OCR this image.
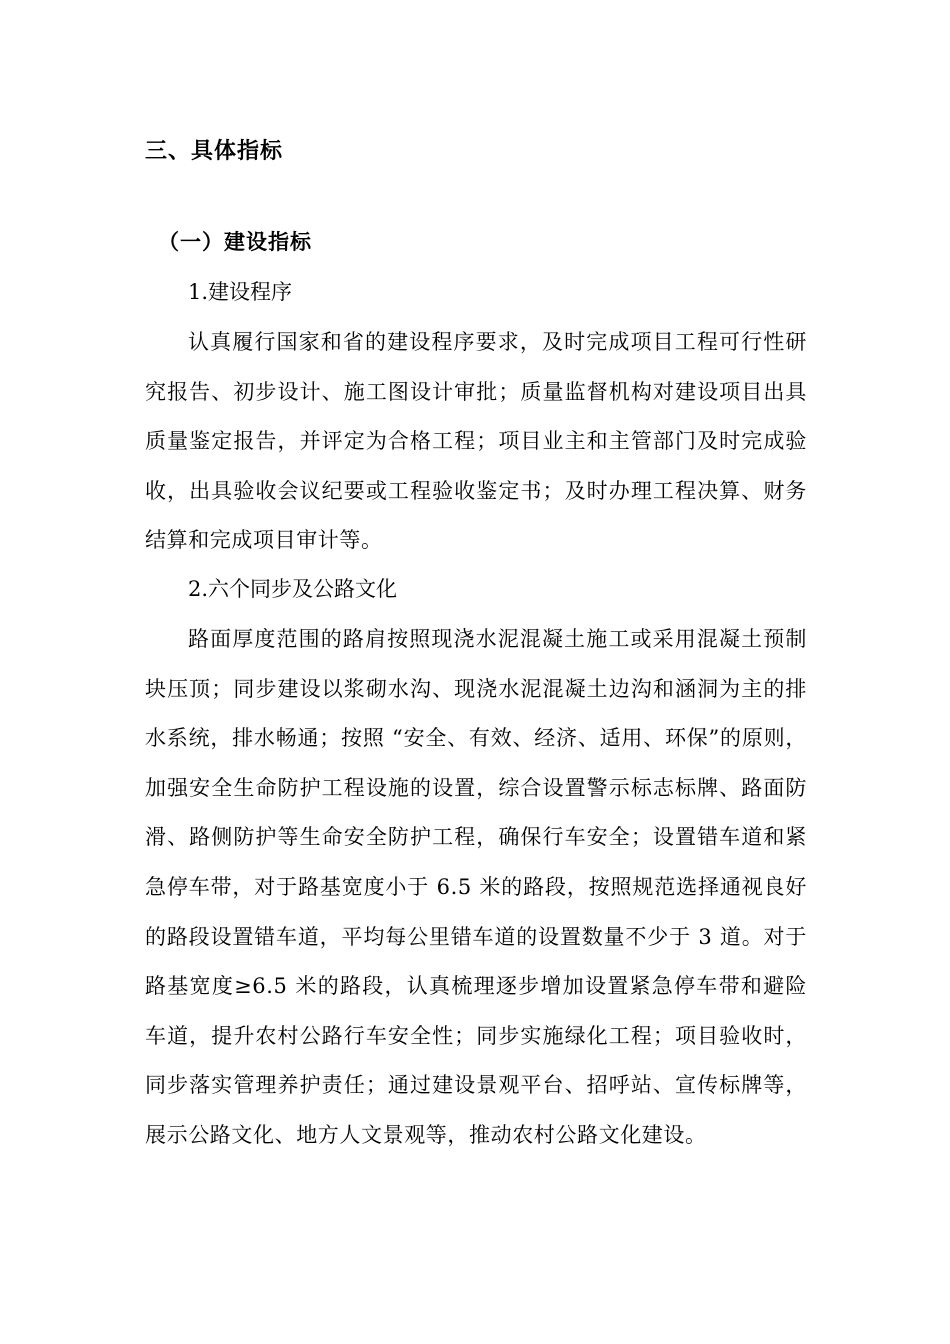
三、具体指标
（一）建设指标

1.建设程序

认真履行国家和省的建设程序要求，及时完成项目工程可行性研究报告、初步设计、施工图设计审批；质量监督机构对建设项目出具质量鉴定报告，并评定为合格工程；项目业主和主管部门及时完成验收，出具验收会议纪要或工程验收鉴定书；及时办理工程决算、财务结算和完成项目审计等。

2.六个同步及公路文化

路面厚度范围的路肩按照现浇水泥混凝土施工或采用混凝土预制块压顶；同步建设以浆砌水沟、现浇水泥混凝土边沟和涵洞为主的排水系统，排水畅通；按照 “安全、有效、经济、适用、环保”的原则，加强安全生命防护工程设施的设置，综合设置警示标志标牌、路面防滑、路侧防护等生命安全防护工程，确保行车安全；设置错车道和紧急停车带，对于路基宽度小于 6.5 米的路段，按照规范选择通视良好的路段设置错车道，平均每公里错车道的设置数量不少于 3 道。对于路基宽度≥6.5 米的路段，认真梳理逐步增加设置紧急停车带和避险车道，提升农村公路行车安全性；同步实施绿化工程；项目验收时，同步落实管理养护责任；通过建设景观平台、招呼站、宣传标牌等，展示公路文化、地方人文景观等，推动农村公路文化建设。
